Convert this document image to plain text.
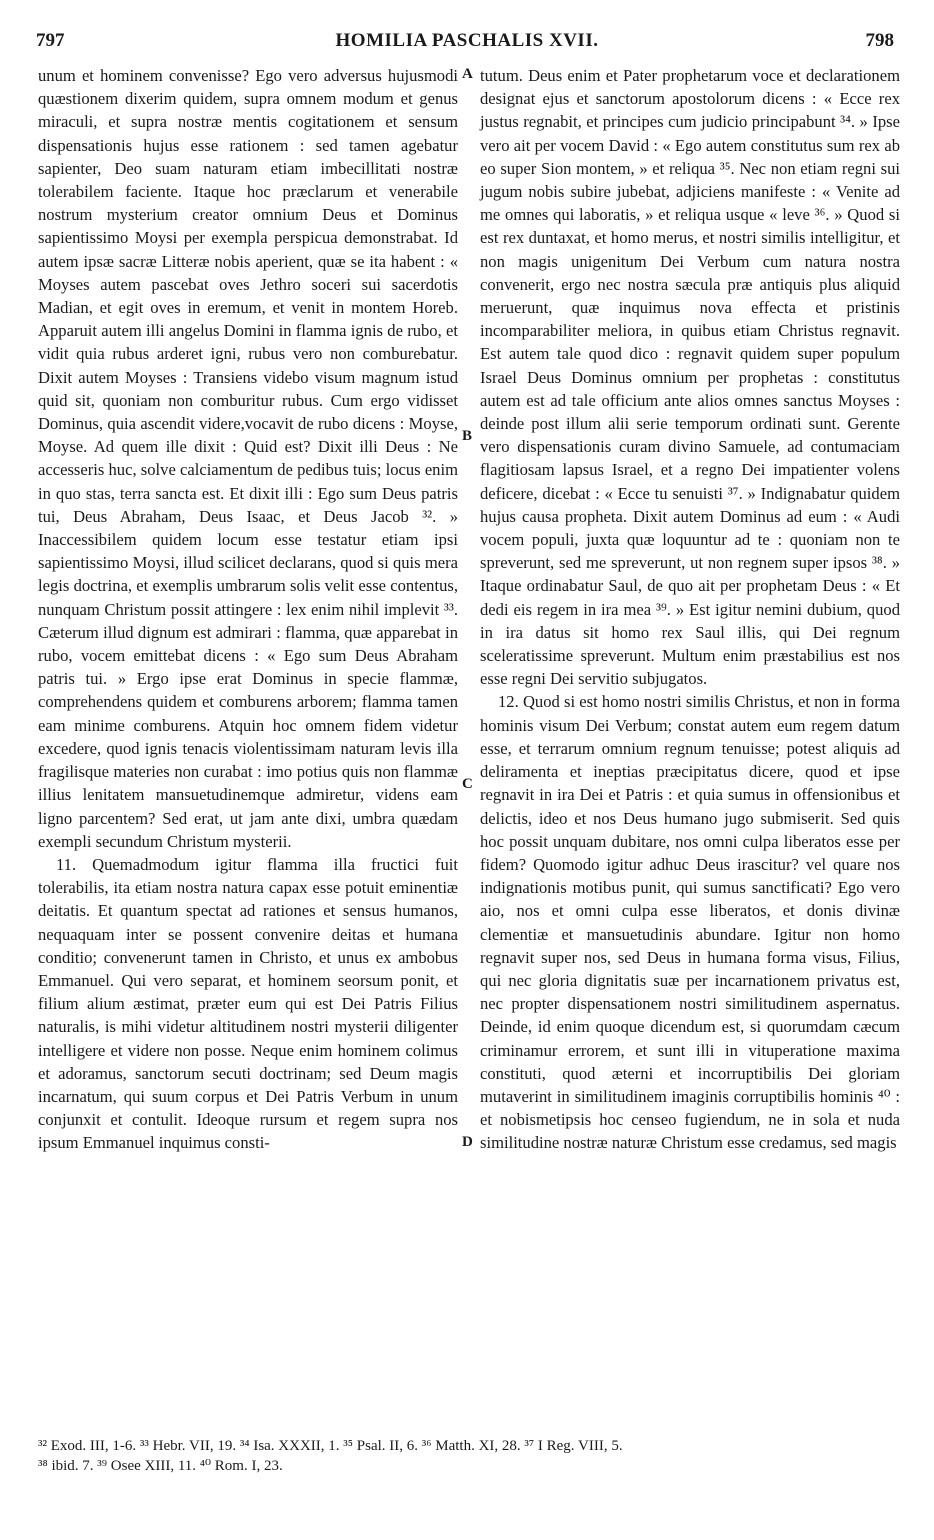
797	HOMILIA PASCHALIS XVII.	798

unum et hominem convenisse? Ego vero adversus hujusmodi quæstionem dixerim quidem, supra omnem modum et genus miraculi, et supra nostræ mentis cogitationem et sensum dispensationis hujus esse rationem : sed tamen agebatur sapienter, Deo suam naturam etiam imbecillitati nostræ tolerabilem faciente. Itaque hoc præclarum et venerabile nostrum mysterium creator omnium Deus et Dominus sapientissimo Moysi per exempla perspicua demonstrabat. Id autem ipsæ sacræ Litteræ nobis aperient, quæ se ita habent : « Moyses autem pascebat oves Jethro soceri sui sacerdotis Madian, et egit oves in eremum, et venit in montem Horeb. Apparuit autem illi angelus Domini in flamma ignis de rubo, et vidit quia rubus arderet igni, rubus vero non comburebatur. Dixit autem Moyses : Transiens videbo visum magnum istud quid sit, quoniam non comburitur rubus. Cum ergo vidisset Dominus, quia ascendit videre,vocavit de rubo dicens : Moyse, Moyse. Ad quem ille dixit : Quid est? Dixit illi Deus : Ne accesseris huc, solve calciamentum de pedibus tuis; locus enim in quo stas, terra sancta est. Et dixit illi : Ego sum Deus patris tui, Deus Abraham, Deus Isaac, et Deus Jacob ³². » Inaccessibilem quidem locum esse testatur etiam ipsi sapientissimo Moysi, illud scilicet declarans, quod si quis mera legis doctrina, et exemplis umbrarum solis velit esse contentus, nunquam Christum possit attingere : lex enim nihil implevit ³³. Cæterum illud dignum est admirari : flamma, quæ apparebat in rubo, vocem emittebat dicens : « Ego sum Deus Abraham patris tui. » Ergo ipse erat Dominus in specie flammæ, comprehendens quidem et comburens arborem; flamma tamen eam minime comburens. Atquin hoc omnem fidem videtur excedere, quod ignis tenacis violentissimam naturam levis illa fragilisque materies non curabat : imo potius quis non flammæ illius lenitatem mansuetudinemque admiretur, videns eam ligno parcentem? Sed erat, ut jam ante dixi, umbra quædam exempli secundum Christum mysterii.

11. Quemadmodum igitur flamma illa fructici fuit tolerabilis, ita etiam nostra natura capax esse potuit eminentiæ deitatis. Et quantum spectat ad rationes et sensus humanos, nequaquam inter se possent convenire deitas et humana conditio; convenerunt tamen in Christo, et unus ex ambobus Emmanuel. Qui vero separat, et hominem seorsum ponit, et filium alium æstimat, præter eum qui est Dei Patris Filius naturalis, is mihi videtur altitudinem nostri mysterii diligenter intelligere et videre non posse. Neque enim hominem colimus et adoramus, sanctorum secuti doctrinam; sed Deum magis incarnatum, qui suum corpus et Dei Patris Verbum in unum conjunxit et contulit. Ideoque rursum et regem supra nos ipsum Emmanuel inquimus consti-

A
B
C
D

tutum. Deus enim et Pater prophetarum voce et declarationem designat ejus et sanctorum apostolorum dicens : « Ecce rex justus regnabit, et principes cum judicio principabunt ³⁴. » Ipse vero ait per vocem David : « Ego autem constitutus sum rex ab eo super Sion montem, » et reliqua ³⁵. Nec non etiam regni sui jugum nobis subire jubebat, adjiciens manifeste : « Venite ad me omnes qui laboratis, » et reliqua usque « leve ³⁶. » Quod si est rex duntaxat, et homo merus, et nostri similis intelligitur, et non magis unigenitum Dei Verbum cum natura nostra convenerit, ergo nec nostra sæcula præ antiquis plus aliquid meruerunt, quæ inquimus nova effecta et pristinis incomparabiliter meliora, in quibus etiam Christus regnavit. Est autem tale quod dico : regnavit quidem super populum Israel Deus Dominus omnium per prophetas : constitutus autem est ad tale officium ante alios omnes sanctus Moyses : deinde post illum alii serie temporum ordinati sunt. Gerente vero dispensationis curam divino Samuele, ad contumaciam flagitiosam lapsus Israel, et a regno Dei impatienter volens deficere, dicebat : « Ecce tu senuisti ³⁷. » Indignabatur quidem hujus causa propheta. Dixit autem Dominus ad eum : « Audi vocem populi, juxta quæ loquuntur ad te : quoniam non te spreverunt, sed me spreverunt, ut non regnem super ipsos ³⁸. » Itaque ordinabatur Saul, de quo ait per prophetam Deus : « Et dedi eis regem in ira mea ³⁹. » Est igitur nemini dubium, quod in ira datus sit homo rex Saul illis, qui Dei regnum sceleratissime spreverunt. Multum enim præstabilius est nos esse regni Dei servitio subjugatos.

12. Quod si est homo nostri similis Christus, et non in forma hominis visum Dei Verbum; constat autem eum regem datum esse, et terrarum omnium regnum tenuisse; potest aliquis ad deliramenta et ineptias præcipitatus dicere, quod et ipse regnavit in ira Dei et Patris : et quia sumus in offensionibus et delictis, ideo et nos Deus humano jugo submiserit. Sed quis hoc possit unquam dubitare, nos omni culpa liberatos esse per fidem? Quomodo igitur adhuc Deus irascitur? vel quare nos indignationis motibus punit, qui sumus sanctificati? Ego vero aio, nos et omni culpa esse liberatos, et donis divinæ clementiæ et mansuetudinis abundare. Igitur non homo regnavit super nos, sed Deus in humana forma visus, Filius, qui nec gloria dignitatis suæ per incarnationem privatus est, nec propter dispensationem nostri similitudinem aspernatus. Deinde, id enim quoque dicendum est, si quorumdam cæcum criminamur errorem, et sunt illi in vituperatione maxima constituti, quod æterni et incorruptibilis Dei gloriam mutaverint in similitudinem imaginis corruptibilis hominis ⁴⁰ : et nobismetipsis hoc censeo fugiendum, ne in sola et nuda similitudine nostræ naturæ Christum esse credamus, sed magis

³² Exod. III, 1-6. ³³ Hebr. VII, 19. ³⁴ Isa. XXXII, 1. ³⁵ Psal. II, 6. ³⁶ Matth. XI, 28. ³⁷ I Reg. VIII, 5.
³⁸ ibid. 7. ³⁹ Osee XIII, 11. ⁴⁰ Rom. I, 23.
